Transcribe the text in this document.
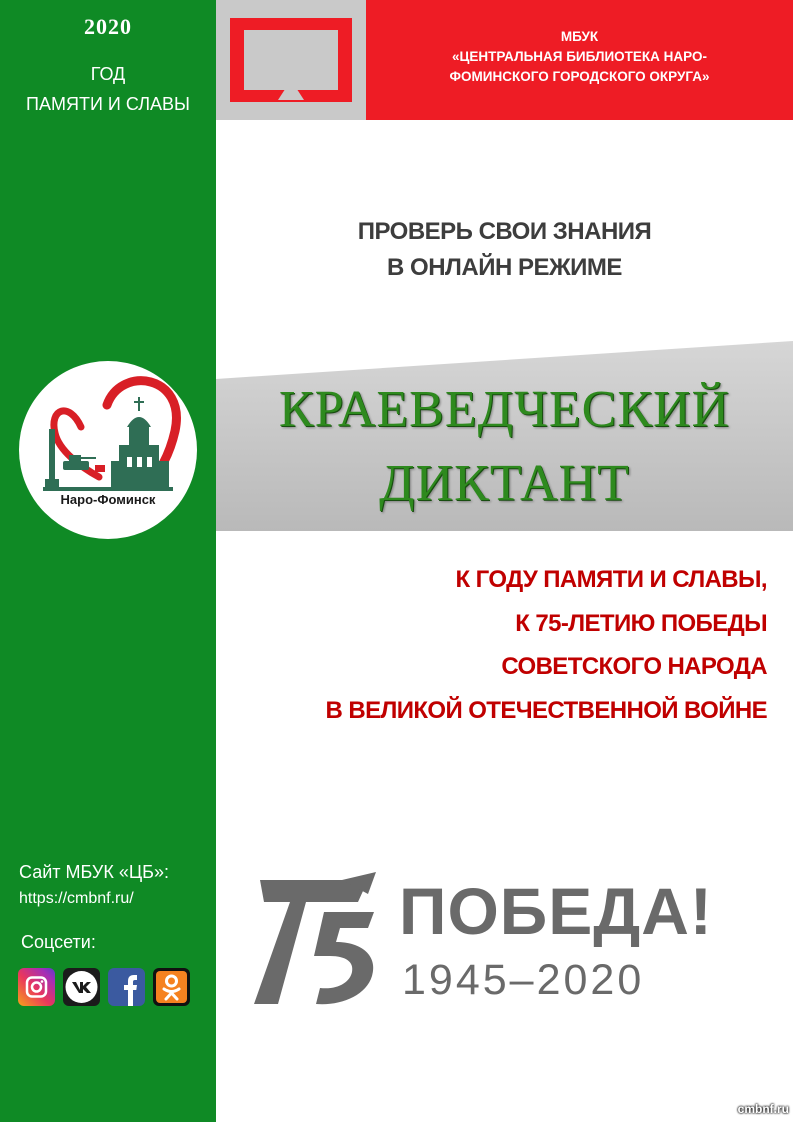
2020
ГОД
ПАМЯТИ И СЛАВЫ
Наро-Фоминск
Сайт МБУК «ЦБ»:
https://cmbnf.ru/
Соцсети:
МБУК
«ЦЕНТРАЛЬНАЯ БИБЛИОТЕКА НАРО-
ФОМИНСКОГО ГОРОДСКОГО ОКРУГА»
ПРОВЕРЬ СВОИ ЗНАНИЯ
В ОНЛАЙН РЕЖИМЕ
КРАЕВЕДЧЕСКИЙ
ДИКТАНТ
К ГОДУ ПАМЯТИ И СЛАВЫ,
К 75-ЛЕТИЮ ПОБЕДЫ
СОВЕТСКОГО НАРОДА
В ВЕЛИКОЙ ОТЕЧЕСТВЕННОЙ ВОЙНЕ
ПОБЕДА!
1945–2020
cmbnf.ru
